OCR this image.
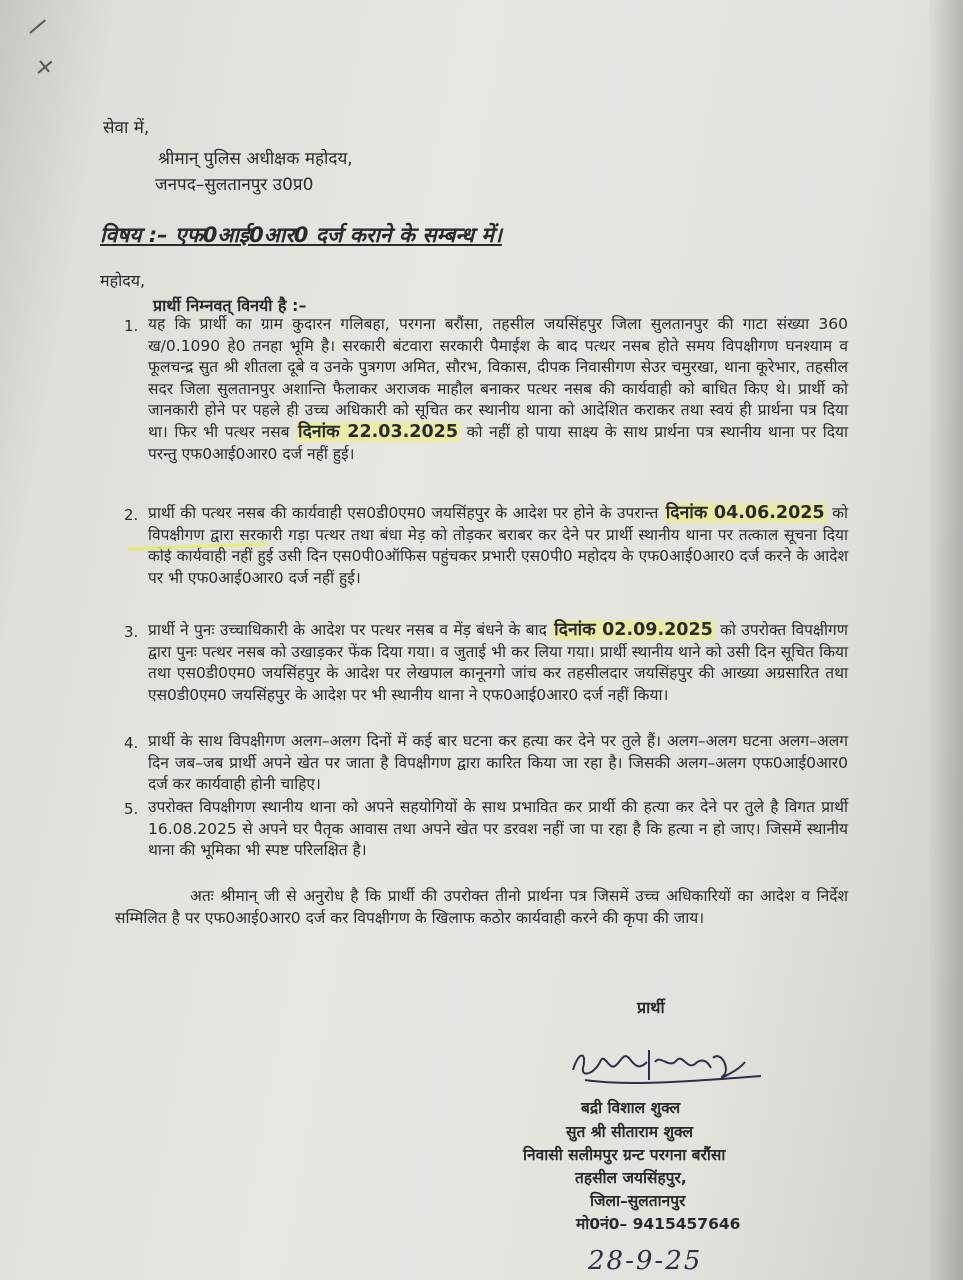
सेवा में,
श्रीमान् पुलिस अधीक्षक महोदय,
जनपद–सुलतानपुर उ0प्र0
विषय :– एफ0आई0आर0 दर्ज कराने के सम्बन्ध में।
महोदय,
प्रार्थी निम्नवत् विनयी है :–
1. यह कि प्रार्थी का ग्राम कुदारन गलिबहा, परगना बरौंसा, तहसील जयसिंहपुर जिला सुलतानपुर की गाटा संख्या 360 ख/0.1090 हे0 तनहा भूमि है। सरकारी बंटवारा सरकारी पैमाईश के बाद पत्थर नसब होते समय विपक्षीगण घनश्याम व फूलचन्द्र सुत श्री शीतला दूबे व उनके पुत्रगण अमित, सौरभ, विकास, दीपक निवासीगण सेउर चमुरखा, थाना कूरेभार, तहसील सदर जिला सुलतानपुर अशान्ति फैलाकर अराजक माहौल बनाकर पत्थर नसब की कार्यवाही को बाधित किए थे। प्रार्थी को जानकारी होने पर पहले ही उच्च अधिकारी को सूचित कर स्थानीय थाना को आदेशित कराकर तथा स्वयं ही प्रार्थना पत्र दिया था। फिर भी पत्थर नसब दिनांक 22.03.2025 को नहीं हो पाया साक्ष्य के साथ प्रार्थना पत्र स्थानीय थाना पर दिया परन्तु एफ0आई0आर0 दर्ज नहीं हुई।
2. प्रार्थी की पत्थर नसब की कार्यवाही एस0डी0एम0 जयसिंहपुर के आदेश पर होने के उपरान्त दिनांक 04.06.2025 को विपक्षीगण द्वारा सरकारी गड़ा पत्थर तथा बंधा मेड़ को तोड़कर बराबर कर देने पर प्रार्थी स्थानीय थाना पर तत्काल सूचना दिया कोई कार्यवाही नहीं हुई उसी दिन एस0पी0ऑफिस पहुंचकर प्रभारी एस0पी0 महोदय के एफ0आई0आर0 दर्ज करने के आदेश पर भी एफ0आई0आर0 दर्ज नहीं हुई।
3. प्रार्थी ने पुनः उच्चाधिकारी के आदेश पर पत्थर नसब व मेंड़ बंधने के बाद दिनांक 02.09.2025 को उपरोक्त विपक्षीगण द्वारा पुनः पत्थर नसब को उखाड़कर फेंक दिया गया। व जुताई भी कर लिया गया। प्रार्थी स्थानीय थाने को उसी दिन सूचित किया तथा एस0डी0एम0 जयसिंहपुर के आदेश पर लेखपाल कानूनगो जांच कर तहसीलदार जयसिंहपुर की आख्या अग्रसारित तथा एस0डी0एम0 जयसिंहपुर के आदेश पर भी स्थानीय थाना ने एफ0आई0आर0 दर्ज नहीं किया।
4. प्रार्थी के साथ विपक्षीगण अलग–अलग दिनों में कई बार घटना कर हत्या कर देने पर तुले हैं। अलग–अलग घटना अलग–अलग दिन जब–जब प्रार्थी अपने खेत पर जाता है विपक्षीगण द्वारा कारित किया जा रहा है। जिसकी अलग–अलग एफ0आई0आर0 दर्ज कर कार्यवाही होनी चाहिए।
5. उपरोक्त विपक्षीगण स्थानीय थाना को अपने सहयोगियों के साथ प्रभावित कर प्रार्थी की हत्या कर देने पर तुले है विगत प्रार्थी 16.08.2025 से अपने घर पैतृक आवास तथा अपने खेत पर डरवश नहीं जा पा रहा है कि हत्या न हो जाए। जिसमें स्थानीय थाना की भूमिका भी स्पष्ट परिलक्षित है।
अतः श्रीमान् जी से अनुरोध है कि प्रार्थी की उपरोक्त तीनो प्रार्थना पत्र जिसमें उच्च अधिकारियों का आदेश व निर्देश सम्मिलित है पर एफ0आई0आर0 दर्ज कर विपक्षीगण के खिलाफ कठोर कार्यवाही करने की कृपा की जाय।
प्रार्थी
बद्री विशाल शुक्ल
सुत श्री सीताराम शुक्ल
निवासी सलीमपुर ग्रन्ट परगना बरौंसा
तहसील जयसिंहपुर,
जिला–सुलतानपुर
मो0नं0– 9415457646
28-9-25
